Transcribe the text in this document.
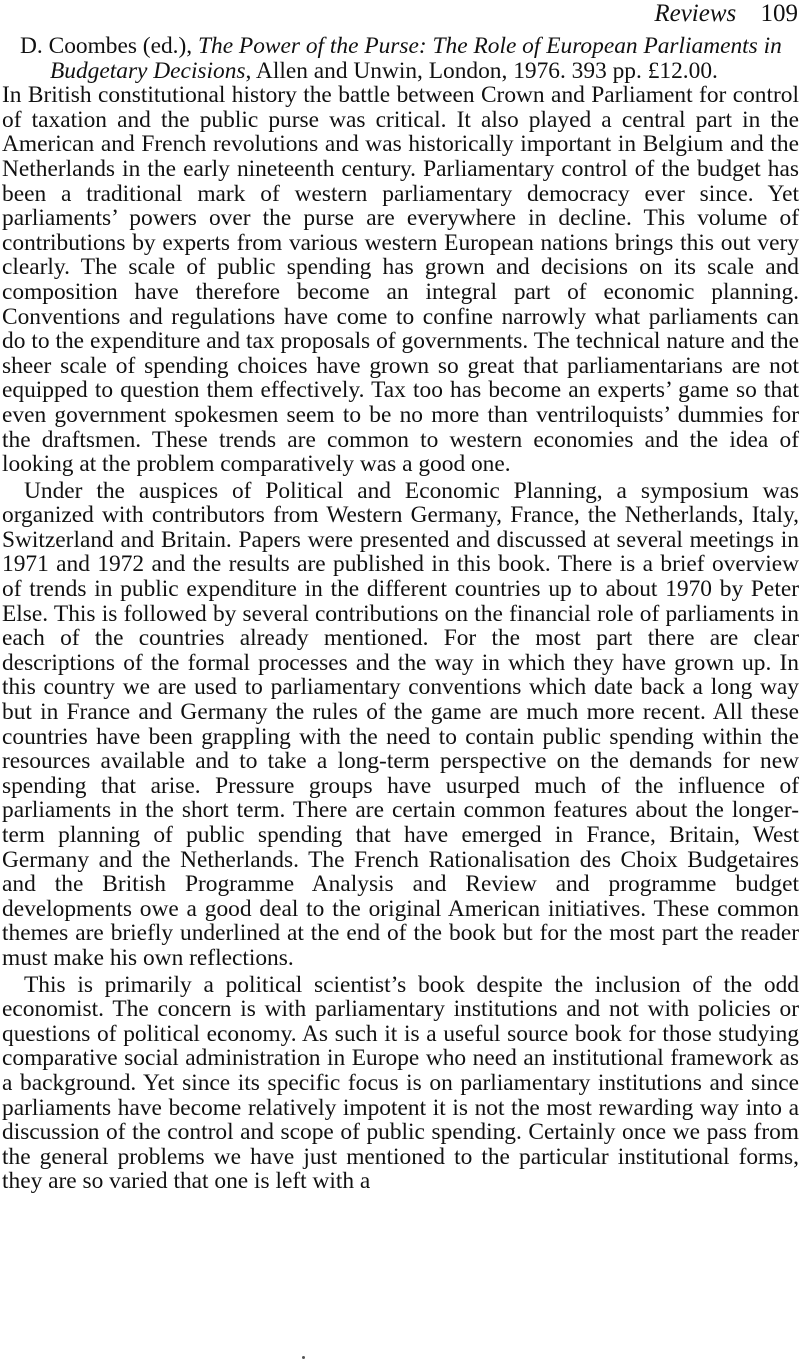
Reviews 109

D. Coombes (ed.), The Power of the Purse: The Role of European Parliaments in Budgetary Decisions, Allen and Unwin, London, 1976. 393 pp. £12.00.

In British constitutional history the battle between Crown and Parliament for control of taxation and the public purse was critical. It also played a central part in the American and French revolutions and was historically important in Belgium and the Netherlands in the early nineteenth century. Parliamentary control of the budget has been a traditional mark of western parliamentary democracy ever since. Yet parliaments’ powers over the purse are everywhere in decline. This volume of contributions by experts from various western European nations brings this out very clearly. The scale of public spending has grown and decisions on its scale and composition have therefore become an integral part of economic planning. Conventions and regulations have come to confine narrowly what parliaments can do to the expenditure and tax proposals of governments. The technical nature and the sheer scale of spending choices have grown so great that parliamentarians are not equipped to question them effectively. Tax too has become an experts’ game so that even government spokesmen seem to be no more than ventriloquists’ dummies for the draftsmen. These trends are common to western economies and the idea of looking at the problem comparatively was a good one.

Under the auspices of Political and Economic Planning, a symposium was organized with contributors from Western Germany, France, the Netherlands, Italy, Switzerland and Britain. Papers were presented and discussed at several meetings in 1971 and 1972 and the results are published in this book. There is a brief overview of trends in public expenditure in the different countries up to about 1970 by Peter Else. This is followed by several contributions on the financial role of parliaments in each of the countries already mentioned. For the most part there are clear descriptions of the formal processes and the way in which they have grown up. In this country we are used to parliamentary conventions which date back a long way but in France and Germany the rules of the game are much more recent. All these countries have been grappling with the need to contain public spending within the resources available and to take a long-term perspective on the demands for new spending that arise. Pressure groups have usurped much of the influence of parliaments in the short term. There are certain common features about the longer-term planning of public spending that have emerged in France, Britain, West Germany and the Netherlands. The French Rationalisation des Choix Budgetaires and the British Programme Analysis and Review and programme budget developments owe a good deal to the original American initiatives. These common themes are briefly underlined at the end of the book but for the most part the reader must make his own reflections.

This is primarily a political scientist’s book despite the inclusion of the odd economist. The concern is with parliamentary institutions and not with policies or questions of political economy. As such it is a useful source book for those studying comparative social administration in Europe who need an institutional framework as a background. Yet since its specific focus is on parliamentary institutions and since parliaments have become relatively impotent it is not the most rewarding way into a discussion of the control and scope of public spending. Certainly once we pass from the general problems we have just mentioned to the particular institutional forms, they are so varied that one is left with a
